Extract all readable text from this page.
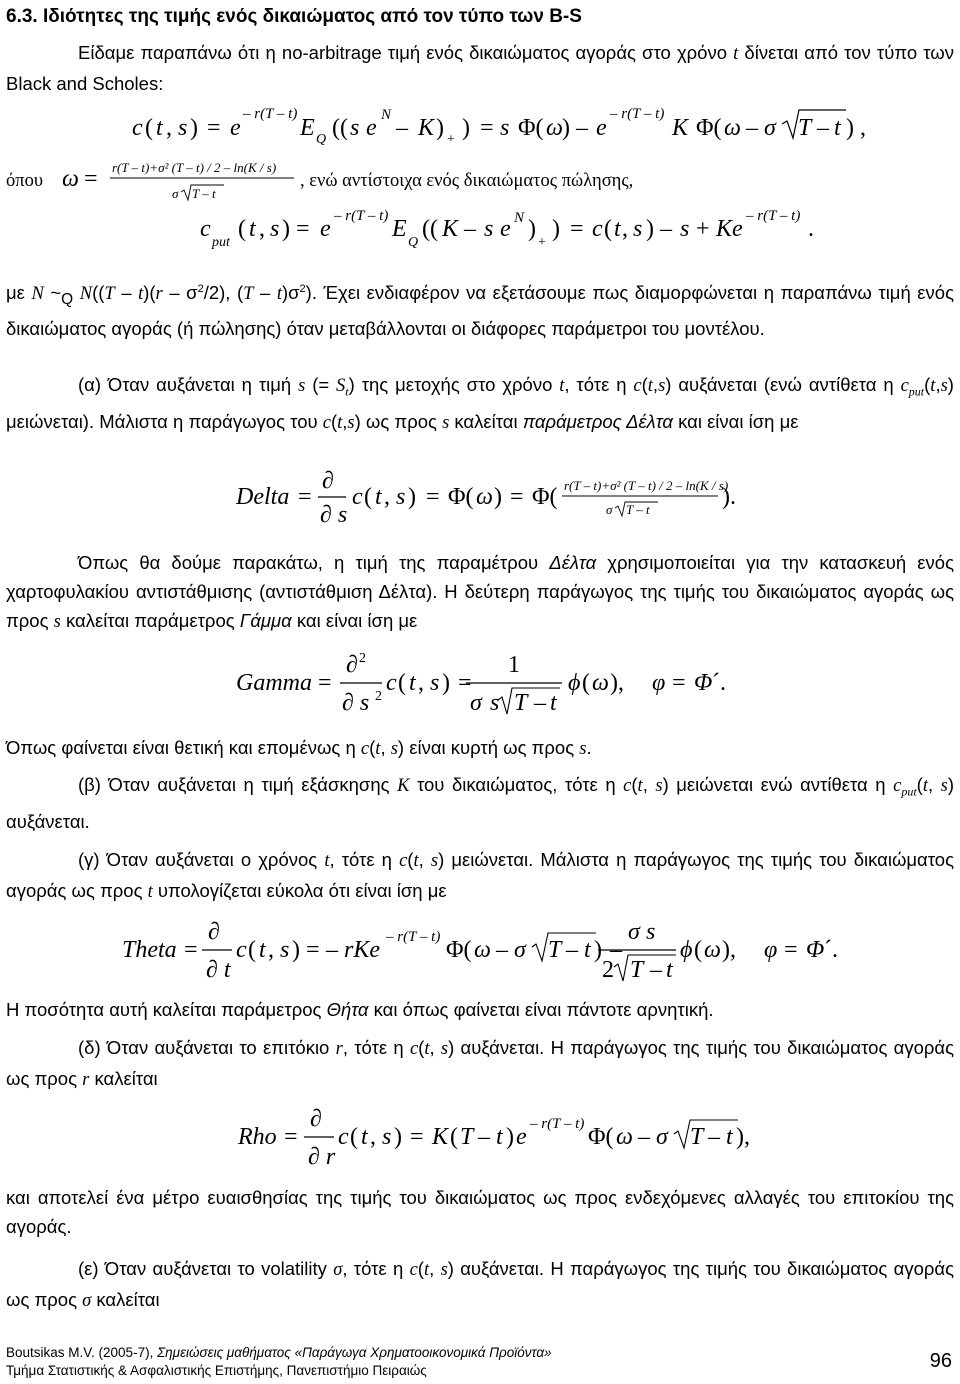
6.3. Ιδιότητες της τιμής ενός δικαιώματος από τον τύπο των B-S

Είδαμε παραπάνω ότι η no-arbitrage τιμή ενός δικαιώματος αγοράς στο χρόνο t δίνεται από τον τύπο των Black and Scholes:

c ( t , s ) = e
– r(T – t)
E Q (( s e N – K ) + ) = s Φ( ω ) – e
– r(T – t)
K Φ( ω – σ T – t ) ,
όπου ω = r(T – t)+σ² (T – t) / 2 – ln(K / s)
σ T – t
, ενώ αντίστοιχα ενός δικαιώματος πώλησης,
c
put
( t , s ) = e – r(T – t) E
Q
(( K – s e N )
+
) = c ( t , s ) – s + Ke – r(T – t) .

με N $\sim_Q$ $N((T - t)(r - \sigma^2/2)$, $(T - t)\sigma^2$). Έχει ενδιαφέρον να εξετάσουμε πως διαμορφώνεται η παραπάνω τιμή ενός δικαιώματος αγοράς (ή πώλησης) όταν μεταβάλλονται οι διάφορες παράμετροι του μοντέλου.

(α) Όταν αυξάνεται η τιμή s (= $S_t$) της μετοχής στο χρόνο t, τότε η c(t,s) αυξάνεται (ενώ αντίθετα η $c_{put}(t,s)$ μειώνεται). Μάλιστα η παράγωγος του c(t,s) ως προς s καλείται παράμετρος Δέλτα και είναι ίση με

Delta =
∂
∂ s
c ( t , s ) = Φ( ω ) = Φ(	).
r(T – t)+σ² (T – t) / 2 – ln(K / s)
σ T – t

Όπως θα δούμε παρακάτω, η τιμή της παραμέτρου Δέλτα χρησιμοποιείται για την κατασκευή ενός χαρτοφυλακίου αντιστάθμισης (αντιστάθμιση Δέλτα). Η δεύτερη παράγωγος της τιμής του δικαιώματος αγοράς ως προς s καλείται παράμετρος Γάμμα και είναι ίση με

Gamma =
∂ 2
∂ s 2
c ( t , s ) =
1
σ s T – t
ϕ ( ω ), φ = Φ ´.

Όπως φαίνεται είναι θετική και επομένως η c(t, s) είναι κυρτή ως προς s.

(β) Όταν αυξάνεται η τιμή εξάσκησης K του δικαιώματος, τότε η c(t, s) μειώνεται ενώ αντίθετα η $c_{put}(t$, s) αυξάνεται.

(γ) Όταν αυξάνεται ο χρόνος t, τότε η c(t, s) μειώνεται. Μάλιστα η παράγωγος της τιμής του δικαιώματος αγοράς ως προς t υπολογίζεται εύκολα ότι είναι ίση με

Theta =
∂
∂ t
c ( t , s ) = – rKe – r(T – t) Φ( ω – σ T – t ) –
σ s
2 T – t
ϕ ( ω ), φ = Φ ´.

Η ποσότητα αυτή καλείται παράμετρος Θήτα και όπως φαίνεται είναι πάντοτε αρνητική.

(δ) Όταν αυξάνεται το επιτόκιο r, τότε η c(t, s) αυξάνεται. Η παράγωγος της τιμής του δικαιώματος αγοράς ως προς r καλείται

Rho =
∂
∂ r
c ( t , s ) = K ( T – t ) e – r(T – t) Φ( ω – σ T – t ),

και αποτελεί ένα μέτρο ευαισθησίας της τιμής του δικαιώματος ως προς ενδεχόμενες αλλαγές του επιτοκίου της αγοράς.

(ε) Όταν αυξάνεται το volatility σ, τότε η c(t, s) αυξάνεται. Η παράγωγος της τιμής του δικαιώματος αγοράς ως προς σ καλείται

Boutsikas M.V. (2005-7), Σημειώσεις μαθήματος «Παράγωγα Χρηματοοικονομικά Προϊόντα»
Τμήμα Στατιστικής & Ασφαλιστικής Επιστήμης, Πανεπιστήμιο Πειραιώς	96
